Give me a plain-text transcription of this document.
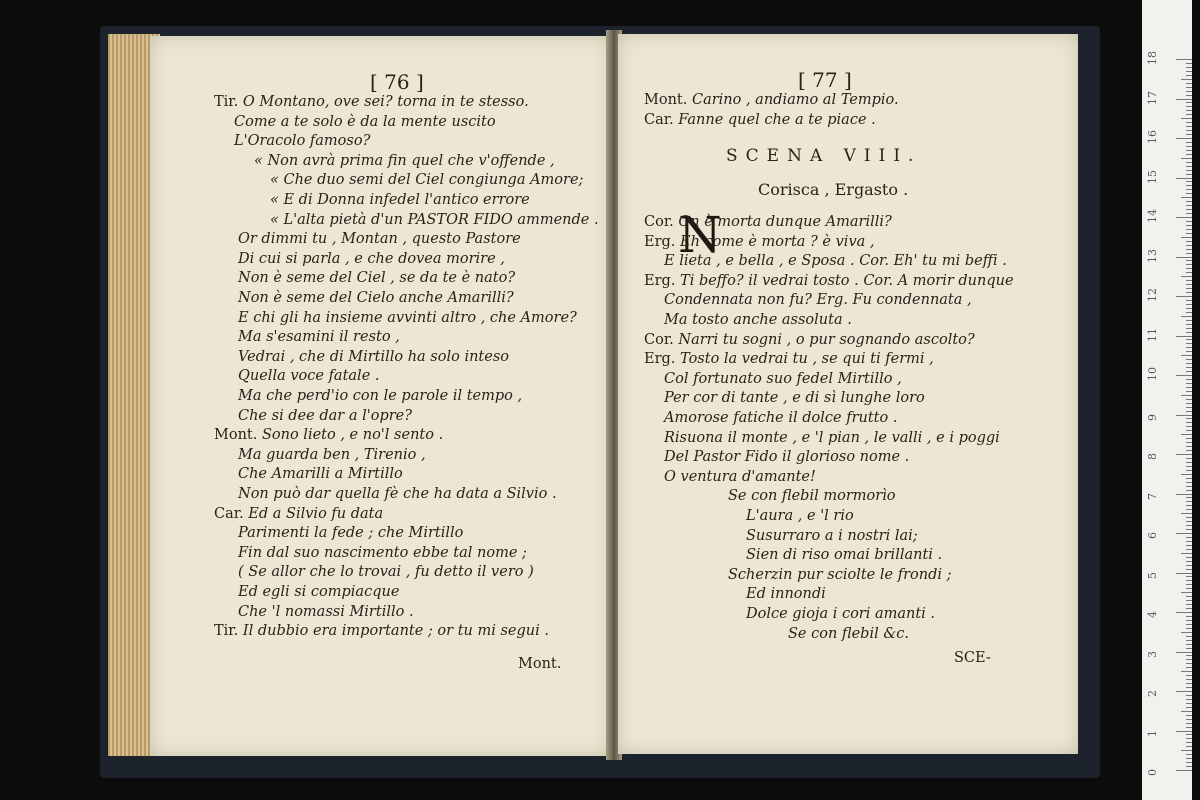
[ 76 ]
Tir. O Montano, ove sei? torna in te stesso.
Come a te solo è da la mente uscito
L'Oracolo famoso?
« Non avrà prima fin quel che v'offende ,
« Che duo semi del Ciel congiunga Amore;
« E di Donna infedel l'antico errore
« L'alta pietà d'un PASTOR FIDO ammende .
Or dimmi tu , Montan , questo Pastore
Di cui si parla , e che dovea morire ,
Non è seme del Ciel , se da te è nato?
Non è seme del Cielo anche Amarilli?
E chi gli ha insieme avvinti altro , che Amore?
Ma s'esamini il resto ,
Vedrai , che di Mirtillo ha solo inteso
Quella voce fatale .
Ma che perd'io con le parole il tempo ,
Che si dee dar a l'opre?
Mont. Sono lieto , e no'l sento .
Ma guarda ben , Tirenio ,
Che Amarilli a Mirtillo
Non può dar quella fè che ha data a Silvio .
Car. Ed a Silvio fu data
Parimenti la fede ; che Mirtillo
Fin dal suo nascimento ebbe tal nome ;
( Se allor che lo trovai , fu detto il vero )
Ed egli si compiacque
Che 'l nomassi Mirtillo .
Tir. Il dubbio era importante ; or tu mi segui .
Mont.
[ 77 ]
Mont. Carino , andiamo al Tempio.
Car. Fanne quel che a te piace .
SCENA VIII.
Corisca , Ergasto .
N
Cor. On è morta dunque Amarilli?
Erg. Eh come è morta ? è viva ,
E lieta , e bella , e Sposa . Cor. Eh' tu mi beffi .
Erg. Ti beffo? il vedrai tosto . Cor. A morir dunque
Condennata non fu? Erg. Fu condennata ,
Ma tosto anche assoluta .
Cor. Narri tu sogni , o pur sognando ascolto?
Erg. Tosto la vedrai tu , se qui ti fermi ,
Col fortunato suo fedel Mirtillo ,
Per cor di tante , e di sì lunghe loro
Amorose fatiche il dolce frutto .
Risuona il monte , e 'l pian , le valli , e i poggi
Del Pastor Fido il glorioso nome .
O ventura d'amante!
Se con flebil mormorìo
L'aura , e 'l rio
Susurraro a i nostri lai;
Sien di riso omai brillanti .
Scherzin pur sciolte le frondi ;
Ed innondi
Dolce gioja i cori amanti .
Se con flebil &c.
SCE-
0
1
2
3
4
5
6
7
8
9
10
11
12
13
14
15
16
17
18
